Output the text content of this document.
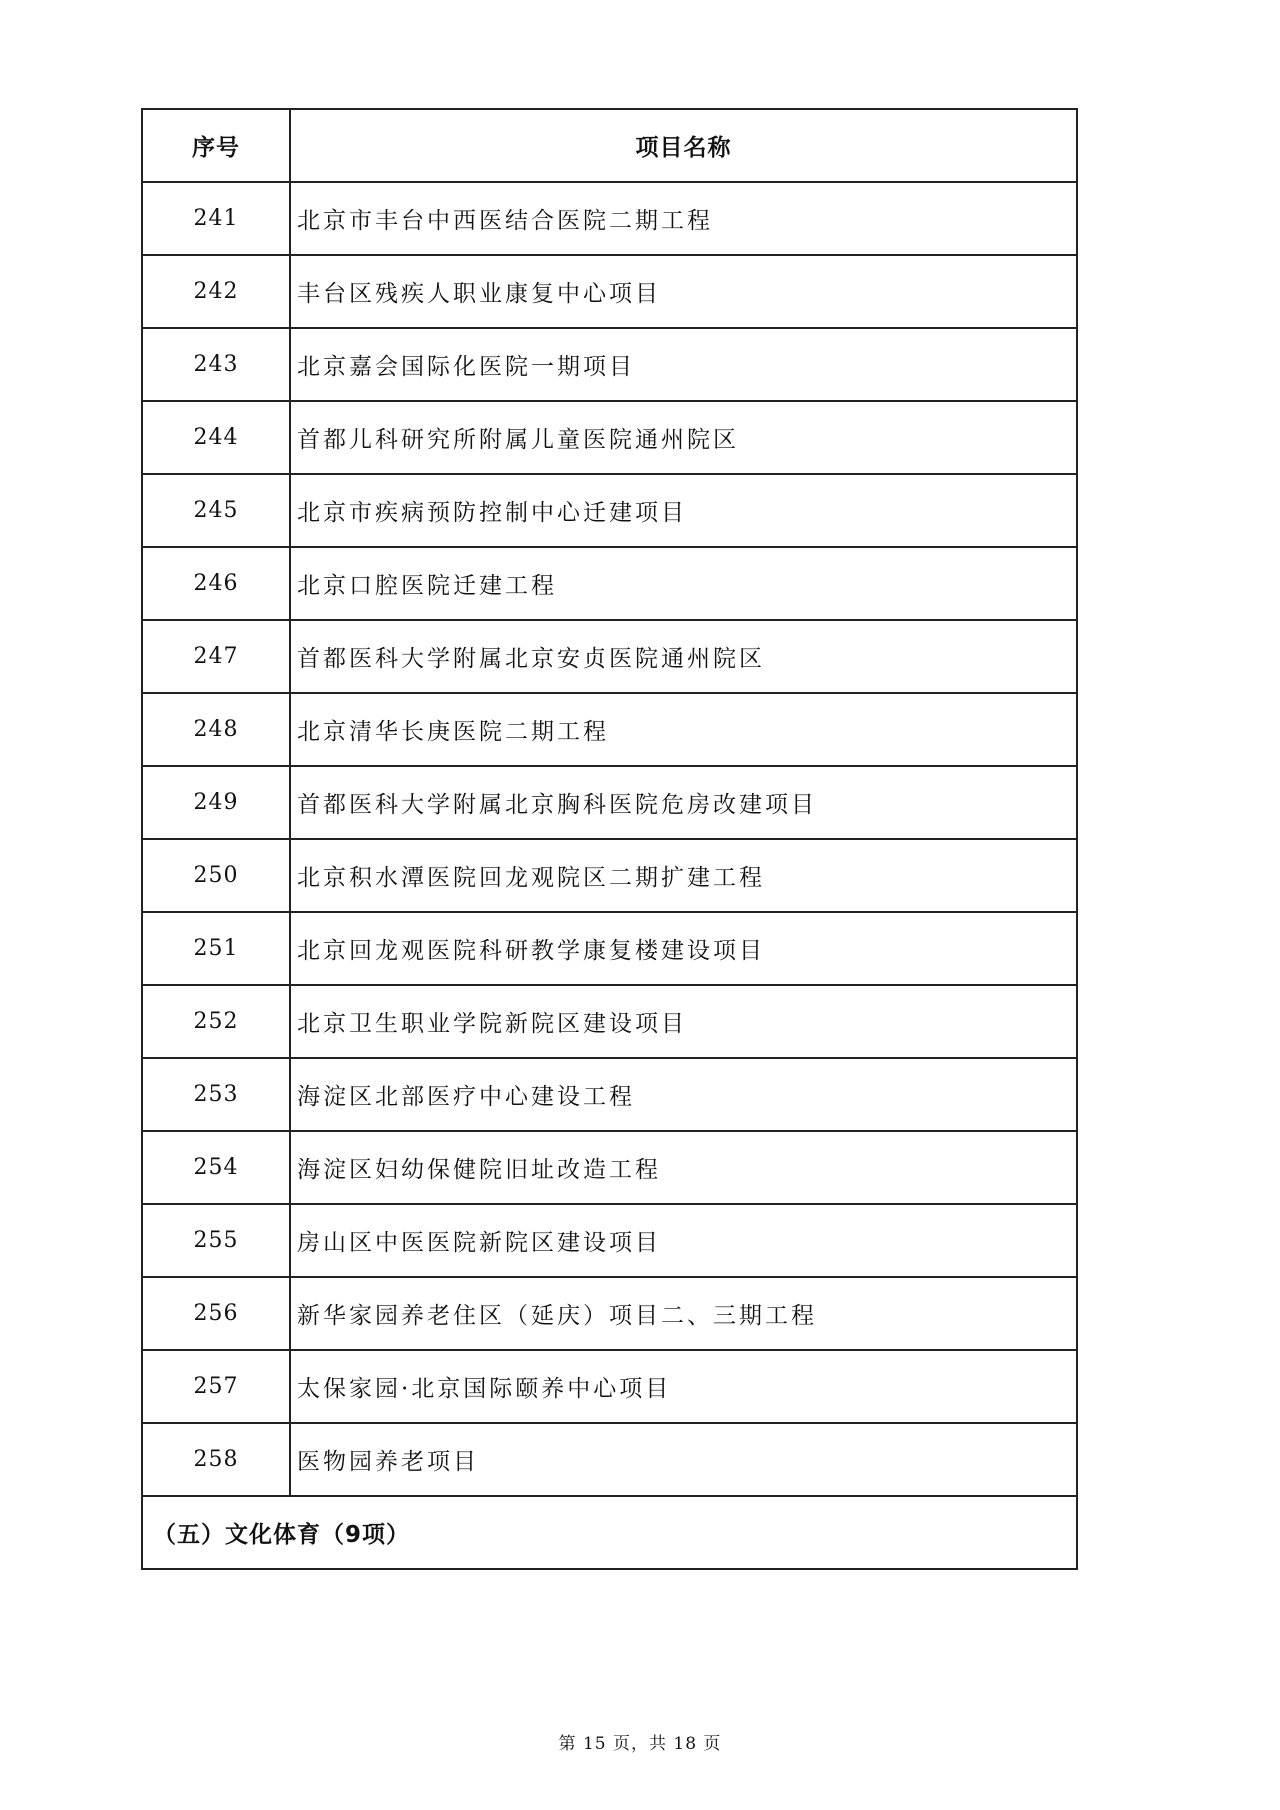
序号	项目名称
241	北京市丰台中西医结合医院二期工程
242	丰台区残疾人职业康复中心项目
243	北京嘉会国际化医院一期项目
244	首都儿科研究所附属儿童医院通州院区
245	北京市疾病预防控制中心迁建项目
246	北京口腔医院迁建工程
247	首都医科大学附属北京安贞医院通州院区
248	北京清华长庚医院二期工程
249	首都医科大学附属北京胸科医院危房改建项目
250	北京积水潭医院回龙观院区二期扩建工程
251	北京回龙观医院科研教学康复楼建设项目
252	北京卫生职业学院新院区建设项目
253	海淀区北部医疗中心建设工程
254	海淀区妇幼保健院旧址改造工程
255	房山区中医医院新院区建设项目
256	新华家园养老住区（延庆）项目二、三期工程
257	太保家园·北京国际颐养中心项目
258	医物园养老项目
（五）文化体育（9项）	
第 15 页，共 18 页
